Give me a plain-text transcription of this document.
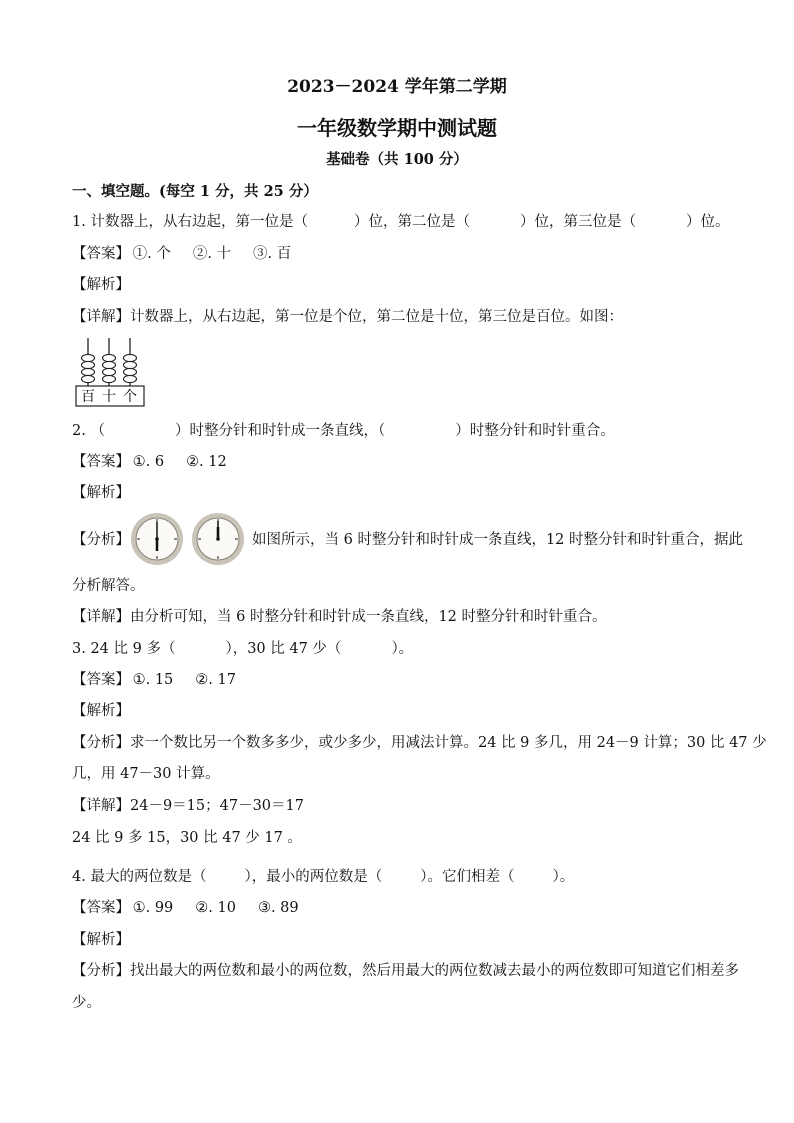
2023－2024 学年第二学期
一年级数学期中测试题
基础卷（共 100 分）
一、填空题。(每空 1 分，共 25 分）
1. 计数器上，从右边起，第一位是（	）位，第二位是（	）位，第三位是（	）位。
【答案】 ①. 个 ②. 十 ③. 百
【解析】
【详解】计数器上，从右边起，第一位是个位，第二位是十位，第三位是百位。如图：
百 十 个
2. （	）时整分针和时针成一条直线，（	）时整分针和时针重合。
【答案】 ①. 6 ②. 12
【解析】
【分析】	如图所示，当 6 时整分针和时针成一条直线，12 时整分针和时针重合，据此
分析解答。
【详解】由分析可知，当 6 时整分针和时针成一条直线，12 时整分针和时针重合。
3. 24 比 9 多（	），30 比 47 少（	）。
【答案】 ①. 15 ②. 17
【解析】
【分析】求一个数比另一个数多多少，或少多少，用减法计算。24 比 9 多几，用 24－9 计算；30 比 47 少
几，用 47－30 计算。
【详解】24－9＝15；47－30＝17
24 比 9 多 15，30 比 47 少 17 。
4. 最大的两位数是（	），最小的两位数是（	）。它们相差（	）。
【答案】 ①. 99 ②. 10 ③. 89
【解析】
【分析】找出最大的两位数和最小的两位数，然后用最大的两位数减去最小的两位数即可知道它们相差多
少。
